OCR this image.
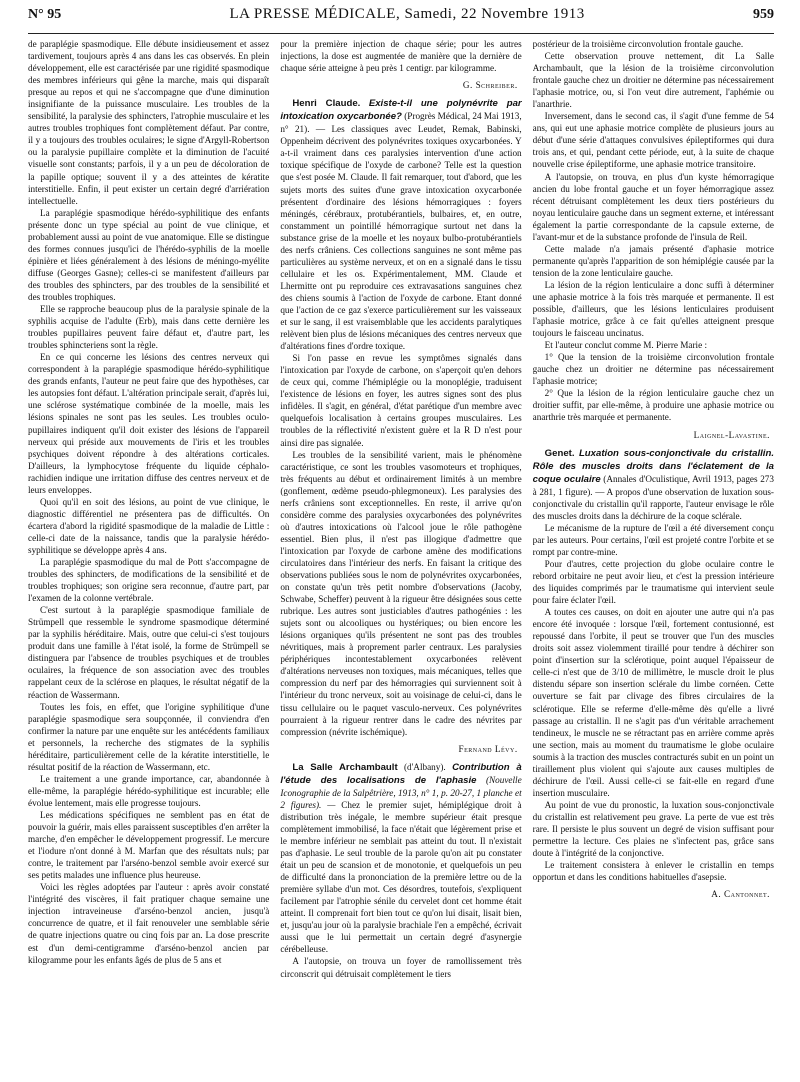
N° 95	LA PRESSE MÉDICALE, Samedi, 22 Novembre 1913	959

de paraplégie spasmodique. Elle débute insidieusement et assez tardivement, toujours après 4 ans dans les cas observés. En plein développement, elle est caractérisée par une rigidité spasmodique des membres inférieurs qui gêne la marche, mais qui disparaît presque au repos et qui ne s'accompagne que d'une diminution insignifiante de la puissance musculaire. Les troubles de la sensibilité, la paralysie des sphincters, l'atrophie musculaire et les autres troubles trophiques font complètement défaut. Par contre, il y a toujours des troubles oculaires; le signe d'Argyll-Robertson ou la paralysie pupillaire complète et la diminution de l'acuité visuelle sont constants; parfois, il y a un peu de décoloration de la papille optique; souvent il y a des atteintes de kératite interstitielle. Enfin, il peut exister un certain degré d'arriération intellectuelle.

La paraplégie spasmodique hérédo-syphilitique des enfants présente donc un type spécial au point de vue clinique, et probablement aussi au point de vue anatomique. Elle se distingue des formes connues jusqu'ici de l'hérédo-syphilis de la moelle épinière et liées généralement à des lésions de méningo-myélite diffuse (Georges Gasne); celles-ci se manifestent d'ailleurs par des troubles des sphincters, par des troubles de la sensibilité et des troubles trophiques.

Elle se rapproche beaucoup plus de la paralysie spinale de la syphilis acquise de l'adulte (Erb), mais dans cette dernière les troubles pupillaires peuvent faire défaut et, d'autre part, les troubles sphincteriens sont la règle.

En ce qui concerne les lésions des centres nerveux qui correspondent à la paraplégie spasmodique hérédo-syphilitique des grands enfants, l'auteur ne peut faire que des hypothèses, car les autopsies font défaut. L'altération principale serait, d'après lui, une sclérose systématique combinée de la moelle, mais les lésions spinales ne sont pas les seules. Les troubles oculo-pupillaires indiquent qu'il doit exister des lésions de l'appareil nerveux qui préside aux mouvements de l'iris et les troubles psychiques doivent répondre à des altérations corticales. D'ailleurs, la lymphocytose fréquente du liquide céphalo-rachidien indique une irritation diffuse des centres nerveux et de leurs enveloppes.

Quoi qu'il en soit des lésions, au point de vue clinique, le diagnostic différentiel ne présentera pas de difficultés. On écartera d'abord la rigidité spasmodique de la maladie de Little : celle-ci date de la naissance, tandis que la paralysie hérédo-syphilitique se développe après 4 ans.

La paraplégie spasmodique du mal de Pott s'accompagne de troubles des sphincters, de modifications de la sensibilité et de troubles trophiques; son origine sera reconnue, d'autre part, par l'examen de la colonne vertébrale.

C'est surtout à la paraplégie spasmodique familiale de Strümpell que ressemble le syndrome spasmodique déterminé par la syphilis héréditaire. Mais, outre que celui-ci s'est toujours produit dans une famille à l'état isolé, la forme de Strümpell se distinguera par l'absence de troubles psychiques et de troubles oculaires, la fréquence de son association avec des troubles rappelant ceux de la sclérose en plaques, le résultat négatif de la réaction de Wassermann.

Toutes les fois, en effet, que l'origine syphilitique d'une paraplégie spasmodique sera soupçonnée, il conviendra d'en confirmer la nature par une enquête sur les antécédents familiaux et personnels, la recherche des stigmates de la syphilis héréditaire, particulièrement celle de la kératite interstitielle, le résultat positif de la réaction de Wassermann, etc.

Le traitement a une grande importance, car, abandonnée à elle-même, la paraplégie hérédo-syphilitique est incurable; elle évolue lentement, mais elle progresse toujours.

Les médications spécifiques ne semblent pas en état de pouvoir la guérir, mais elles paraissent susceptibles d'en arrêter la marche, d'en empêcher le développement progressif. Le mercure et l'iodure n'ont donné à M. Marfan que des résultats nuls; par contre, le traitement par l'arséno-benzol semble avoir exercé sur ses petits malades une influence plus heureuse.

Voici les règles adoptées par l'auteur : après avoir constaté l'intégrité des viscères, il fait pratiquer chaque semaine une injection intraveineuse d'arséno-benzol ancien, jusqu'à concurrence de quatre, et il fait renouveler une semblable série de quatre injections quatre ou cinq fois par an. La dose prescrite est d'un demi-centigramme d'arséno-benzol ancien par kilogramme pour les enfants âgés de plus de 5 ans et

pour la première injection de chaque série; pour les autres injections, la dose est augmentée de manière que la dernière de chaque série atteigne à peu près 1 centigr. par kilogramme.

G. Schreiber.

Henri Claude. Existe-t-il une polynévrite par intoxication oxycarbonée? (Progrès Médical, 24 Mai 1913, n° 21). — Les classiques avec Leudet, Remak, Babinski, Oppenheim décrivent des polynévrites toxiques oxycarbonées. Y a-t-il vraiment dans ces paralysies intervention d'une action toxique spécifique de l'oxyde de carbone? Telle est la question que s'est posée M. Claude. Il fait remarquer, tout d'abord, que les sujets morts des suites d'une grave intoxication oxycarbonée présentent d'ordinaire des lésions hémorragiques : foyers méningés, cérébraux, protubérantiels, bulbaires, et, en outre, constamment un pointillé hémorragique surtout net dans la substance grise de la moelle et les noyaux bulbo-protubérantiels des nerfs crâniens. Ces collections sanguines ne sont même pas particulières au système nerveux, et on en a signalé dans le tissu cellulaire et les os. Expérimentalement, MM. Claude et Lhermitte ont pu reproduire ces extravasations sanguines chez des chiens soumis à l'action de l'oxyde de carbone. Etant donné que l'action de ce gaz s'exerce particulièrement sur les vaisseaux et sur le sang, il est vraisemblable que les accidents paralytiques relèvent bien plus de lésions mécaniques des centres nerveux que d'altérations fines d'ordre toxique.

Si l'on passe en revue les symptômes signalés dans l'intoxication par l'oxyde de carbone, on s'aperçoit qu'en dehors de ceux qui, comme l'hémiplégie ou la monoplégie, traduisent l'existence de lésions en foyer, les autres signes sont des plus infidèles. Il s'agit, en général, d'état parétique d'un membre avec quelquefois localisation à certains groupes musculaires. Les troubles de la réflectivité n'existent guère et la R D n'est pour ainsi dire pas signalée.

Les troubles de la sensibilité varient, mais le phénomène caractéristique, ce sont les troubles vasomoteurs et trophiques, très fréquents au début et ordinairement limités à un membre (gonflement, œdème pseudo-phlegmoneux). Les paralysies des nerfs crâniens sont exceptionnelles. En reste, il arrive qu'on considère comme des paralysies oxycarbonées des polynévrites où d'autres intoxications où l'alcool joue le rôle pathogène essentiel. Bien plus, il n'est pas illogique d'admettre que l'intoxication par l'oxyde de carbone amène des modifications circulatoires dans l'intérieur des nerfs. En faisant la critique des observations publiées sous le nom de polynévrites oxycarbonées, on constate qu'un très petit nombre d'observations (Jacoby, Schwabe, Scheffer) peuvent à la rigueur être désignées sous cette rubrique. Les autres sont justiciables d'autres pathogénies : les sujets sont ou alcooliques ou hystériques; ou bien encore les lésions organiques qu'ils présentent ne sont pas des troubles névritiques, mais à proprement parler centraux. Les paralysies périphériques incontestablement oxycarbonées relèvent d'altérations nerveuses non toxiques, mais mécaniques, telles que compression du nerf par des hémorragies qui surviennent soit à l'intérieur du tronc nerveux, soit au voisinage de celui-ci, dans le tissu cellulaire ou le paquet vasculo-nerveux. Ces polynévrites pourraient à la rigueur rentrer dans le cadre des névrites par compression (névrite ischémique).

Fernand Lévy.

La Salle Archambault (d'Albany). Contribution à l'étude des localisations de l'aphasie (Nouvelle Iconographie de la Salpêtrière, 1913, n° 1, p. 20-27, 1 planche et 2 figures). — Chez le premier sujet, hémiplégique droit à distribution très inégale, le membre supérieur était presque complètement immobilisé, la face n'était que légèrement prise et le membre inférieur ne semblait pas atteint du tout. Il n'existait pas d'aphasie. Le seul trouble de la parole qu'on ait pu constater était un peu de scansion et de monotonie, et quelquefois un peu de difficulté dans la prononciation de la première lettre ou de la première syllabe d'un mot. Ces désordres, toutefois, s'expliquent facilement par l'atrophie sénile du cervelet dont cet homme était atteint. Il comprenait fort bien tout ce qu'on lui disait, lisait bien, et, jusqu'au jour où la paralysie brachiale l'en a empêché, écrivait aussi que le lui permettait un certain degré d'asynergie cérébelleuse.

A l'autopsie, on trouva un foyer de ramollissement très circonscrit qui détruisait complètement le tiers

postérieur de la troisième circonvolution frontale gauche.

Cette observation prouve nettement, dit La Salle Archambault, que la lésion de la troisième circonvolution frontale gauche chez un droitier ne détermine pas nécessairement l'aphasie motrice, ou, si l'on veut dire autrement, l'aphémie ou l'anarthrie.

Inversement, dans le second cas, il s'agit d'une femme de 54 ans, qui eut une aphasie motrice complète de plusieurs jours au début d'une série d'attaques convulsives épileptiformes qui dura trois ans, et qui, pendant cette période, eut, à la suite de chaque nouvelle crise épileptiforme, une aphasie motrice transitoire.

A l'autopsie, on trouva, en plus d'un kyste hémorragique ancien du lobe frontal gauche et un foyer hémorragique assez récent détruisant complètement les deux tiers postérieurs du noyau lenticulaire gauche dans un segment externe, et intéressant également la partie correspondante de la capsule externe, de l'avant-mur et de la substance profonde de l'insula de Reil.

Cette malade n'a jamais présenté d'aphasie motrice permanente qu'après l'apparition de son hémiplégie causée par la tension de la zone lenticulaire gauche.

La lésion de la région lenticulaire a donc suffi à déterminer une aphasie motrice à la fois très marquée et permanente. Il est possible, d'ailleurs, que les lésions lenticulaires produisent l'aphasie motrice, grâce à ce fait qu'elles atteignent presque toujours le faisceau uncinatus.

Et l'auteur conclut comme M. Pierre Marie :

1° Que la tension de la troisième circonvolution frontale gauche chez un droitier ne détermine pas nécessairement l'aphasie motrice;

2° Que la lésion de la région lenticulaire gauche chez un droitier suffit, par elle-même, à produire une aphasie motrice ou anarthrie très marquée et permanente.

Laignel-Lavastine.

Genet. Luxation sous-conjonctivale du cristallin. Rôle des muscles droits dans l'éclatement de la coque oculaire (Annales d'Oculistique, Avril 1913, pages 273 à 281, 1 figure). — A propos d'une observation de luxation sous-conjonctivale du cristallin qu'il rapporte, l'auteur envisage le rôle des muscles droits dans la déchirure de la coque sclérale.

Le mécanisme de la rupture de l'œil a été diversement conçu par les auteurs. Pour certains, l'œil est projeté contre l'orbite et se rompt par contre-mine.

Pour d'autres, cette projection du globe oculaire contre le rebord orbitaire ne peut avoir lieu, et c'est la pression intérieure des liquides comprimés par le traumatisme qui intervient seule pour faire éclater l'œil.

A toutes ces causes, on doit en ajouter une autre qui n'a pas encore été invoquée : lorsque l'œil, fortement contusionné, est repoussé dans l'orbite, il peut se trouver que l'un des muscles droits soit assez violemment tiraillé pour tendre à déchirer son point d'insertion sur la sclérotique, point auquel l'épaisseur de celle-ci n'est que de 3/10 de millimètre, le muscle droit le plus distendu sépare son insertion sclérale du limbe cornéen. Cette ouverture se fait par clivage des fibres circulaires de la sclérotique. Elle se referme d'elle-même dès qu'elle a livré passage au cristallin. Il ne s'agit pas d'un véritable arrachement tendineux, le muscle ne se rétractant pas en arrière comme après une section, mais au moment du traumatisme le globe oculaire soumis à la traction des muscles contracturés subit en un point un tiraillement plus violent qui s'ajoute aux causes multiples de déchirure de l'œil. Aussi celle-ci se fait-elle en regard d'une insertion musculaire.

Au point de vue du pronostic, la luxation sous-conjonctivale du cristallin est relativement peu grave. La perte de vue est très rare. Il persiste le plus souvent un degré de vision suffisant pour permettre la lecture. Ces plaies ne s'infectent pas, grâce sans doute à l'intégrité de la conjonctive.

Le traitement consistera à enlever le cristallin en temps opportun et dans les conditions habituelles d'asepsie.

A. Cantonnet.
